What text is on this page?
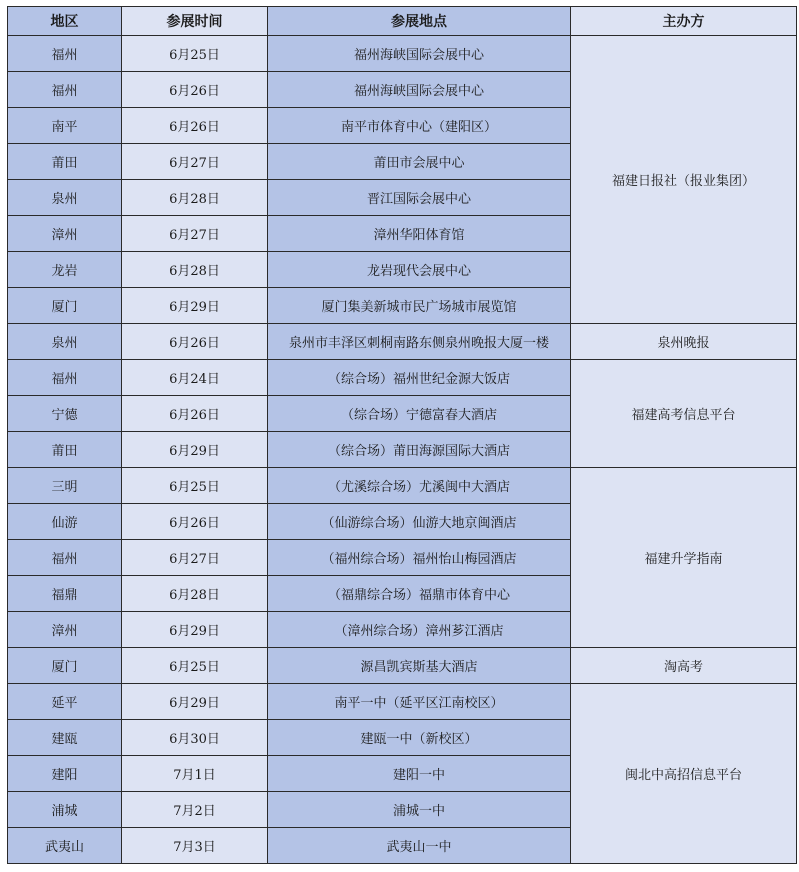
地区	参展时间	参展地点	主办方
福州	6月25日	福州海峡国际会展中心	福建日报社（报业集团）
福州	6月26日	福州海峡国际会展中心	
南平	6月26日	南平市体育中心（建阳区）	
莆田	6月27日	莆田市会展中心	
泉州	6月28日	晋江国际会展中心	
漳州	6月27日	漳州华阳体育馆	
龙岩	6月28日	龙岩现代会展中心	
厦门	6月29日	厦门集美新城市民广场城市展览馆	
泉州	6月26日	泉州市丰泽区刺桐南路东侧泉州晚报大厦一楼	泉州晚报
福州	6月24日	（综合场）福州世纪金源大饭店	福建高考信息平台
宁德	6月26日	（综合场）宁德富春大酒店	
莆田	6月29日	（综合场）莆田海源国际大酒店	
三明	6月25日	（尤溪综合场）尤溪闽中大酒店	福建升学指南
仙游	6月26日	（仙游综合场）仙游大地京闽酒店	
福州	6月27日	（福州综合场）福州怡山梅园酒店	
福鼎	6月28日	（福鼎综合场）福鼎市体育中心	
漳州	6月29日	（漳州综合场）漳州芗江酒店	
厦门	6月25日	源昌凯宾斯基大酒店	淘高考
延平	6月29日	南平一中（延平区江南校区）	闽北中高招信息平台
建瓯	6月30日	建瓯一中（新校区）	
建阳	7月1日	建阳一中	
浦城	7月2日	浦城一中	
武夷山	7月3日	武夷山一中	
